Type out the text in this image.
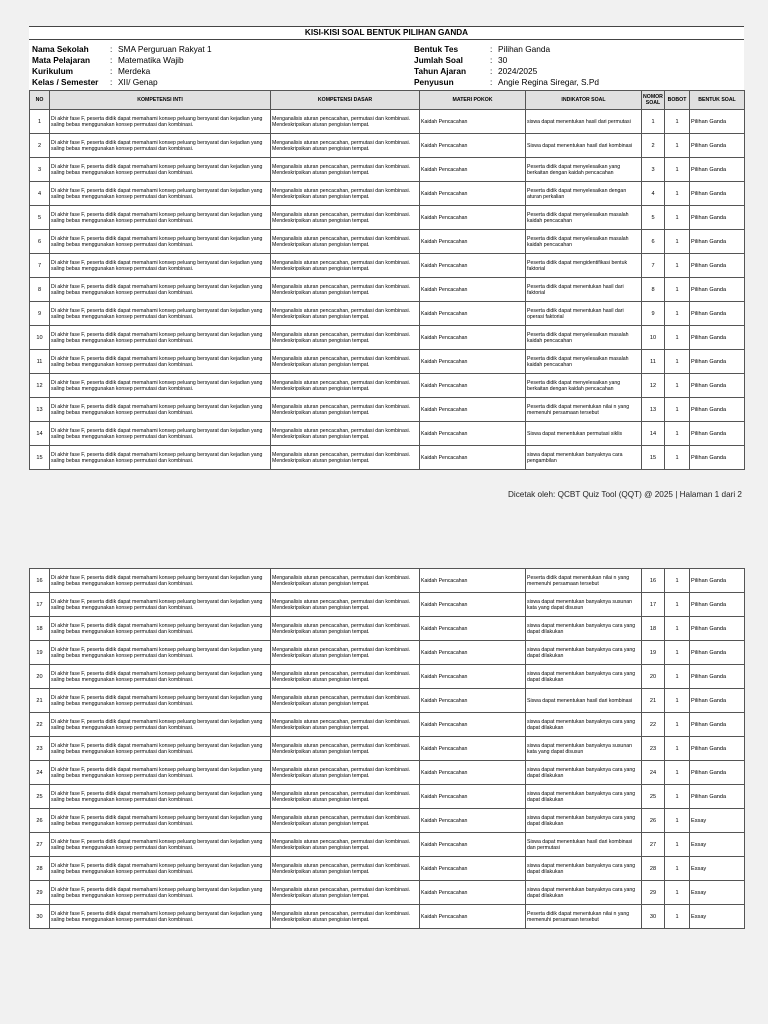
KISI-KISI SOAL BENTUK PILIHAN GANDA
Nama Sekolah	: SMA Perguruan Rakyat 1
Mata Pelajaran	: Matematika Wajib
Kurikulum	: Merdeka
Kelas / Semester	: XII/ Genap
Bentuk Tes	: Pilihan Ganda
Jumlah Soal	: 30
Tahun Ajaran	: 2024/2025
Penyusun	: Angie Regina Siregar, S.Pd
NO	KOMPETENSI INTI	KOMPETENSI DASAR	MATERI POKOK	INDIKATOR SOAL	NOMOR SOAL	BOBOT	BENTUK SOAL
1	Di akhir fase F, peserta didik dapat memahami konsep peluang bersyarat dan kejadian yang saling bebas menggunakan konsep permutasi dan kombinasi.	Menganalisis aturan pencacahan, permutasi dan kombinasi. Mendeskripsikan aturan pengisian tempat.	Kaidah Pencacahan	siswa dapat menentukan hasil dari permutasi	1	1	Pilihan Ganda
2	Di akhir fase F, peserta didik dapat memahami konsep peluang bersyarat dan kejadian yang saling bebas menggunakan konsep permutasi dan kombinasi.	Menganalisis aturan pencacahan, permutasi dan kombinasi. Mendeskripsikan aturan pengisian tempat.	Kaidah Pencacahan	Siswa dapat menentukan hasil dari kombinasi	2	1	Pilihan Ganda
3	Di akhir fase F, peserta didik dapat memahami konsep peluang bersyarat dan kejadian yang saling bebas menggunakan konsep permutasi dan kombinasi.	Menganalisis aturan pencacahan, permutasi dan kombinasi. Mendeskripsikan aturan pengisian tempat.	Kaidah Pencacahan	Peserta didik dapat menyelesaikan yang berkaitan dengan kaidah pencacahan	3	1	Pilihan Ganda
4	Di akhir fase F, peserta didik dapat memahami konsep peluang bersyarat dan kejadian yang saling bebas menggunakan konsep permutasi dan kombinasi.	Menganalisis aturan pencacahan, permutasi dan kombinasi. Mendeskripsikan aturan pengisian tempat.	Kaidah Pencacahan	Peserta didik dapat menyelesaikan dengan aturan perkalian	4	1	Pilihan Ganda
5	Di akhir fase F, peserta didik dapat memahami konsep peluang bersyarat dan kejadian yang saling bebas menggunakan konsep permutasi dan kombinasi.	Menganalisis aturan pencacahan, permutasi dan kombinasi. Mendeskripsikan aturan pengisian tempat.	Kaidah Pencacahan	Peserta didik dapat menyelesaikan masalah kaidah pencacahan	5	1	Pilihan Ganda
6	Di akhir fase F, peserta didik dapat memahami konsep peluang bersyarat dan kejadian yang saling bebas menggunakan konsep permutasi dan kombinasi.	Menganalisis aturan pencacahan, permutasi dan kombinasi. Mendeskripsikan aturan pengisian tempat.	Kaidah Pencacahan	Peserta didik dapat menyelesaikan masalah kaidah pencacahan	6	1	Pilihan Ganda
7	Di akhir fase F, peserta didik dapat memahami konsep peluang bersyarat dan kejadian yang saling bebas menggunakan konsep permutasi dan kombinasi.	Menganalisis aturan pencacahan, permutasi dan kombinasi. Mendeskripsikan aturan pengisian tempat.	Kaidah Pencacahan	Peserta didik dapat mengidentifikasi bentuk faktorial	7	1	Pilihan Ganda
8	Di akhir fase F, peserta didik dapat memahami konsep peluang bersyarat dan kejadian yang saling bebas menggunakan konsep permutasi dan kombinasi.	Menganalisis aturan pencacahan, permutasi dan kombinasi. Mendeskripsikan aturan pengisian tempat.	Kaidah Pencacahan	Peserta didik dapat menentukan hasil dari faktorial	8	1	Pilihan Ganda
9	Di akhir fase F, peserta didik dapat memahami konsep peluang bersyarat dan kejadian yang saling bebas menggunakan konsep permutasi dan kombinasi.	Menganalisis aturan pencacahan, permutasi dan kombinasi. Mendeskripsikan aturan pengisian tempat.	Kaidah Pencacahan	Peserta didik dapat menentukan hasil dari operasi faktorial	9	1	Pilihan Ganda
10	Di akhir fase F, peserta didik dapat memahami konsep peluang bersyarat dan kejadian yang saling bebas menggunakan konsep permutasi dan kombinasi.	Menganalisis aturan pencacahan, permutasi dan kombinasi. Mendeskripsikan aturan pengisian tempat.	Kaidah Pencacahan	Peserta didik dapat menyelesaikan masalah kaidah pencacahan	10	1	Pilihan Ganda
11	Di akhir fase F, peserta didik dapat memahami konsep peluang bersyarat dan kejadian yang saling bebas menggunakan konsep permutasi dan kombinasi.	Menganalisis aturan pencacahan, permutasi dan kombinasi. Mendeskripsikan aturan pengisian tempat.	Kaidah Pencacahan	Peserta didik dapat menyelesaikan masalah kaidah pencacahan	11	1	Pilihan Ganda
12	Di akhir fase F, peserta didik dapat memahami konsep peluang bersyarat dan kejadian yang saling bebas menggunakan konsep permutasi dan kombinasi.	Menganalisis aturan pencacahan, permutasi dan kombinasi. Mendeskripsikan aturan pengisian tempat.	Kaidah Pencacahan	Peserta didik dapat menyelesaikan yang berkaitan dengan kaidah pencacahan	12	1	Pilihan Ganda
13	Di akhir fase F, peserta didik dapat memahami konsep peluang bersyarat dan kejadian yang saling bebas menggunakan konsep permutasi dan kombinasi.	Menganalisis aturan pencacahan, permutasi dan kombinasi. Mendeskripsikan aturan pengisian tempat.	Kaidah Pencacahan	Peserta didik dapat menentukan nilai n yang memenuhi persamaan tersebut	13	1	Pilihan Ganda
14	Di akhir fase F, peserta didik dapat memahami konsep peluang bersyarat dan kejadian yang saling bebas menggunakan konsep permutasi dan kombinasi.	Menganalisis aturan pencacahan, permutasi dan kombinasi. Mendeskripsikan aturan pengisian tempat.	Kaidah Pencacahan	Siswa dapat menentukan permutasi siklis	14	1	Pilihan Ganda
15	Di akhir fase F, peserta didik dapat memahami konsep peluang bersyarat dan kejadian yang saling bebas menggunakan konsep permutasi dan kombinasi.	Menganalisis aturan pencacahan, permutasi dan kombinasi. Mendeskripsikan aturan pengisian tempat.	Kaidah Pencacahan	siswa dapat menentukan banyaknya cara pengambilan	15	1	Pilihan Ganda
Dicetak oleh: QCBT Quiz Tool (QQT) @ 2025 | Halaman 1 dari 2
16	Di akhir fase F, peserta didik dapat memahami konsep peluang bersyarat dan kejadian yang saling bebas menggunakan konsep permutasi dan kombinasi.	Menganalisis aturan pencacahan, permutasi dan kombinasi. Mendeskripsikan aturan pengisian tempat.	Kaidah Pencacahan	Peserta didik dapat menentukan nilai n yang memenuhi persamaan tersebut	16	1	Pilihan Ganda
17	Di akhir fase F, peserta didik dapat memahami konsep peluang bersyarat dan kejadian yang saling bebas menggunakan konsep permutasi dan kombinasi.	Menganalisis aturan pencacahan, permutasi dan kombinasi. Mendeskripsikan aturan pengisian tempat.	Kaidah Pencacahan	siswa dapat menentukan banyaknya susunan kata yang dapat disusun	17	1	Pilihan Ganda
18	Di akhir fase F, peserta didik dapat memahami konsep peluang bersyarat dan kejadian yang saling bebas menggunakan konsep permutasi dan kombinasi.	Menganalisis aturan pencacahan, permutasi dan kombinasi. Mendeskripsikan aturan pengisian tempat.	Kaidah Pencacahan	siswa dapat menentukan banyaknya cara yang dapat dilakukan	18	1	Pilihan Ganda
19	Di akhir fase F, peserta didik dapat memahami konsep peluang bersyarat dan kejadian yang saling bebas menggunakan konsep permutasi dan kombinasi.	Menganalisis aturan pencacahan, permutasi dan kombinasi. Mendeskripsikan aturan pengisian tempat.	Kaidah Pencacahan	siswa dapat menentukan banyaknya cara yang dapat dilakukan	19	1	Pilihan Ganda
20	Di akhir fase F, peserta didik dapat memahami konsep peluang bersyarat dan kejadian yang saling bebas menggunakan konsep permutasi dan kombinasi.	Menganalisis aturan pencacahan, permutasi dan kombinasi. Mendeskripsikan aturan pengisian tempat.	Kaidah Pencacahan	siswa dapat menentukan banyaknya cara yang dapat dilakukan	20	1	Pilihan Ganda
21	Di akhir fase F, peserta didik dapat memahami konsep peluang bersyarat dan kejadian yang saling bebas menggunakan konsep permutasi dan kombinasi.	Menganalisis aturan pencacahan, permutasi dan kombinasi. Mendeskripsikan aturan pengisian tempat.	Kaidah Pencacahan	Siswa dapat menentukan hasil dari kombinasi	21	1	Pilihan Ganda
22	Di akhir fase F, peserta didik dapat memahami konsep peluang bersyarat dan kejadian yang saling bebas menggunakan konsep permutasi dan kombinasi.	Menganalisis aturan pencacahan, permutasi dan kombinasi. Mendeskripsikan aturan pengisian tempat.	Kaidah Pencacahan	siswa dapat menentukan banyaknya cara yang dapat dilakukan	22	1	Pilihan Ganda
23	Di akhir fase F, peserta didik dapat memahami konsep peluang bersyarat dan kejadian yang saling bebas menggunakan konsep permutasi dan kombinasi.	Menganalisis aturan pencacahan, permutasi dan kombinasi. Mendeskripsikan aturan pengisian tempat.	Kaidah Pencacahan	siswa dapat menentukan banyaknya susunan kata yang dapat disusun	23	1	Pilihan Ganda
24	Di akhir fase F, peserta didik dapat memahami konsep peluang bersyarat dan kejadian yang saling bebas menggunakan konsep permutasi dan kombinasi.	Menganalisis aturan pencacahan, permutasi dan kombinasi. Mendeskripsikan aturan pengisian tempat.	Kaidah Pencacahan	siswa dapat menentukan banyaknya cara yang dapat dilakukan	24	1	Pilihan Ganda
25	Di akhir fase F, peserta didik dapat memahami konsep peluang bersyarat dan kejadian yang saling bebas menggunakan konsep permutasi dan kombinasi.	Menganalisis aturan pencacahan, permutasi dan kombinasi. Mendeskripsikan aturan pengisian tempat.	Kaidah Pencacahan	siswa dapat menentukan banyaknya cara yang dapat dilakukan	25	1	Pilihan Ganda
26	Di akhir fase F, peserta didik dapat memahami konsep peluang bersyarat dan kejadian yang saling bebas menggunakan konsep permutasi dan kombinasi.	Menganalisis aturan pencacahan, permutasi dan kombinasi. Mendeskripsikan aturan pengisian tempat.	Kaidah Pencacahan	siswa dapat menentukan banyaknya cara yang dapat dilakukan	26	1	Essay
27	Di akhir fase F, peserta didik dapat memahami konsep peluang bersyarat dan kejadian yang saling bebas menggunakan konsep permutasi dan kombinasi.	Menganalisis aturan pencacahan, permutasi dan kombinasi. Mendeskripsikan aturan pengisian tempat.	Kaidah Pencacahan	Siswa dapat menentukan hasil dari kombinasi dan permutasi	27	1	Essay
28	Di akhir fase F, peserta didik dapat memahami konsep peluang bersyarat dan kejadian yang saling bebas menggunakan konsep permutasi dan kombinasi.	Menganalisis aturan pencacahan, permutasi dan kombinasi. Mendeskripsikan aturan pengisian tempat.	Kaidah Pencacahan	siswa dapat menentukan banyaknya cara yang dapat dilakukan	28	1	Essay
29	Di akhir fase F, peserta didik dapat memahami konsep peluang bersyarat dan kejadian yang saling bebas menggunakan konsep permutasi dan kombinasi.	Menganalisis aturan pencacahan, permutasi dan kombinasi. Mendeskripsikan aturan pengisian tempat.	Kaidah Pencacahan	siswa dapat menentukan banyaknya cara yang dapat dilakukan	29	1	Essay
30	Di akhir fase F, peserta didik dapat memahami konsep peluang bersyarat dan kejadian yang saling bebas menggunakan konsep permutasi dan kombinasi.	Menganalisis aturan pencacahan, permutasi dan kombinasi. Mendeskripsikan aturan pengisian tempat.	Kaidah Pencacahan	Peserta didik dapat menentukan nilai n yang memenuhi persamaan tersebut	30	1	Essay
